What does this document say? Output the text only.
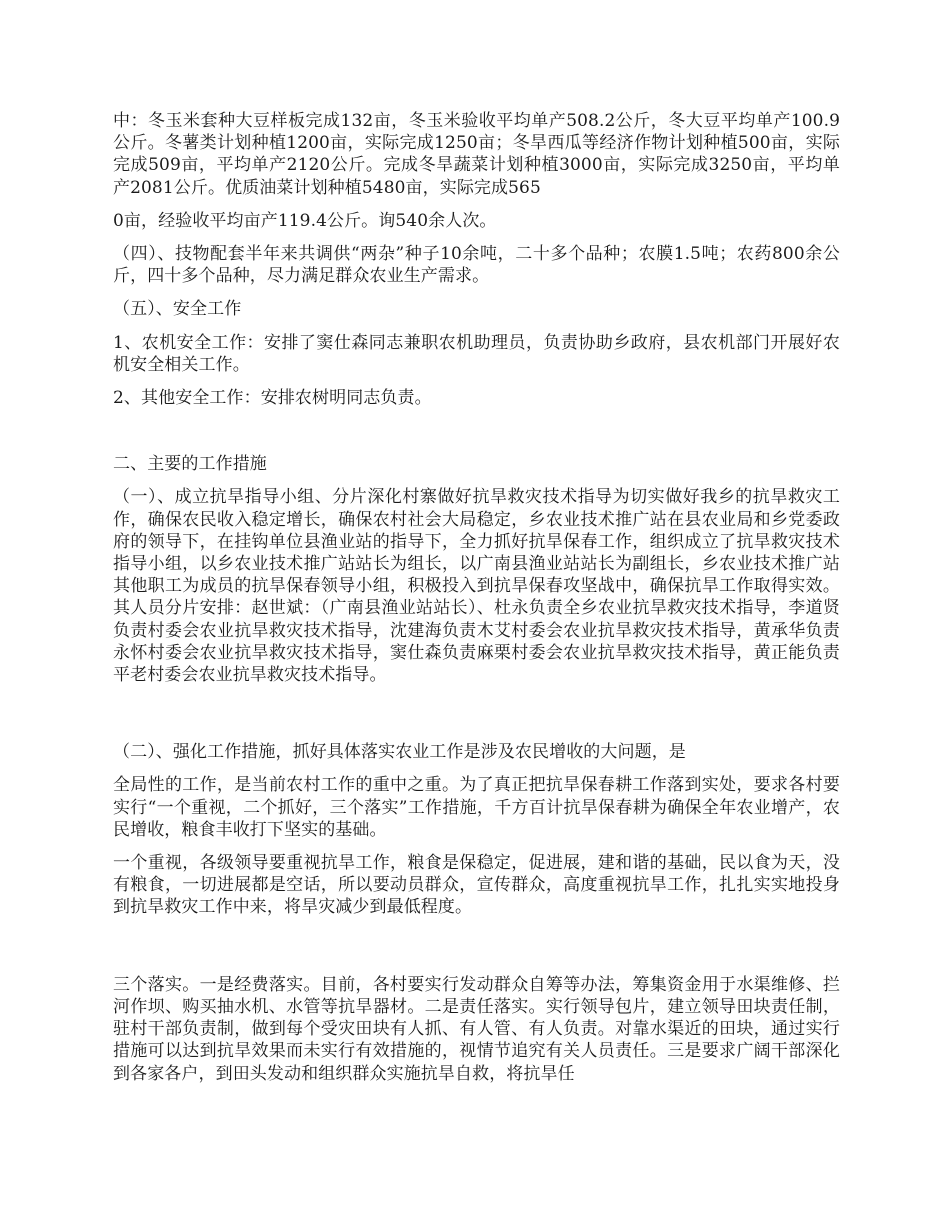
中：冬玉米套种大豆样板完成132亩，冬玉米验收平均单产508.2公斤，冬大豆平均单产100.9公斤。冬薯类计划种植1200亩，实际完成1250亩；冬旱西瓜等经济作物计划种植500亩，实际完成509亩，平均单产2120公斤。完成冬旱蔬菜计划种植3000亩，实际完成3250亩，平均单产2081公斤。优质油菜计划种植5480亩，实际完成565

0亩，经验收平均亩产119.4公斤。询540余人次。

（四）、技物配套半年来共调供“两杂”种子10余吨，二十多个品种；农膜1.5吨；农药800余公斤，四十多个品种，尽力满足群众农业生产需求。

（五）、安全工作

1、农机安全工作：安排了窦仕森同志兼职农机助理员，负责协助乡政府，县农机部门开展好农机安全相关工作。

2、其他安全工作：安排农树明同志负责。

二、主要的工作措施

（一）、成立抗旱指导小组、分片深化村寨做好抗旱救灾技术指导为切实做好我乡的抗旱救灾工作，确保农民收入稳定增长，确保农村社会大局稳定，乡农业技术推广站在县农业局和乡党委政府的领导下，在挂钩单位县渔业站的指导下，全力抓好抗旱保春工作，组织成立了抗旱救灾技术指导小组，以乡农业技术推广站站长为组长，以广南县渔业站站长为副组长，乡农业技术推广站其他职工为成员的抗旱保春领导小组，积极投入到抗旱保春攻坚战中，确保抗旱工作取得实效。其人员分片安排：赵世斌：（广南县渔业站站长）、杜永负责全乡农业抗旱救灾技术指导，李道贤负责村委会农业抗旱救灾技术指导，沈建海负责木艾村委会农业抗旱救灾技术指导，黄承华负责永怀村委会农业抗旱救灾技术指导，窦仕森负责麻栗村委会农业抗旱救灾技术指导，黄正能负责平老村委会农业抗旱救灾技术指导。

（二）、强化工作措施，抓好具体落实农业工作是涉及农民增收的大问题，是

全局性的工作，是当前农村工作的重中之重。为了真正把抗旱保春耕工作落到实处，要求各村要实行“一个重视，二个抓好，三个落实”工作措施，千方百计抗旱保春耕为确保全年农业增产，农民增收，粮食丰收打下坚实的基础。

一个重视，各级领导要重视抗旱工作，粮食是保稳定，促进展，建和谐的基础，民以食为天，没有粮食，一切进展都是空话，所以要动员群众，宣传群众，高度重视抗旱工作，扎扎实实地投身到抗旱救灾工作中来，将旱灾减少到最低程度。

三个落实。一是经费落实。目前，各村要实行发动群众自筹等办法，筹集资金用于水渠维修、拦河作坝、购买抽水机、水管等抗旱器材。二是责任落实。实行领导包片，建立领导田块责任制，驻村干部负责制，做到每个受灾田块有人抓、有人管、有人负责。对靠水渠近的田块，通过实行措施可以达到抗旱效果而未实行有效措施的，视情节追究有关人员责任。三是要求广阔干部深化到各家各户，到田头发动和组织群众实施抗旱自救，将抗旱任
